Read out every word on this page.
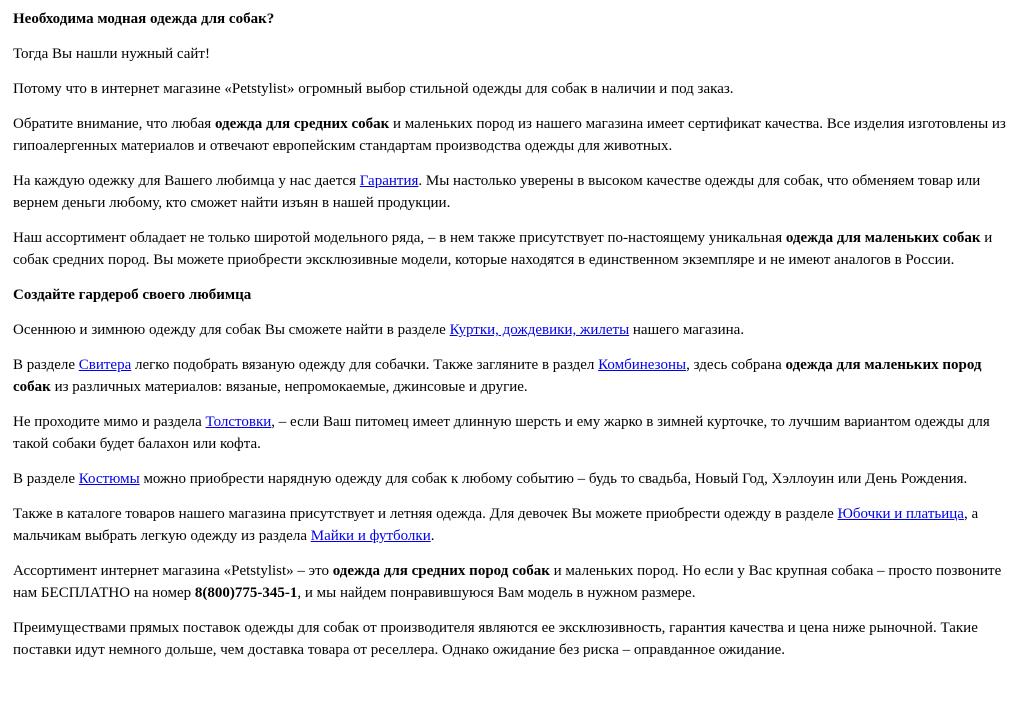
Необходима модная одежда для собак?

Тогда Вы нашли нужный сайт!

Потому что в интернет магазине «Petstylist» огромный выбор стильной одежды для собак в наличии и под заказ.

Обратите внимание, что любая одежда для средних собак и маленьких пород из нашего магазина имеет сертификат качества. Все изделия изготовлены из гипоалергенных материалов и отвечают европейским стандартам производства одежды для животных.

На каждую одежку для Вашего любимца у нас дается Гарантия. Мы настолько уверены в высоком качестве одежды для собак, что обменяем товар или вернем деньги любому, кто сможет найти изъян в нашей продукции.

Наш ассортимент обладает не только широтой модельного ряда, – в нем также присутствует по-настоящему уникальная одежда для маленьких собак и собак средних пород. Вы можете приобрести эксклюзивные модели, которые находятся в единственном экземпляре и не имеют аналогов в России.

Создайте гардероб своего любимца

Осеннюю и зимнюю одежду для собак Вы сможете найти в разделе Куртки, дождевики, жилеты нашего магазина.

В разделе Свитера легко подобрать вязаную одежду для собачки. Также загляните в раздел Комбинезоны, здесь собрана одежда для маленьких пород собак из различных материалов: вязаные, непромокаемые, джинсовые и другие.

Не проходите мимо и раздела Толстовки, – если Ваш питомец имеет длинную шерсть и ему жарко в зимней курточке, то лучшим вариантом одежды для такой собаки будет балахон или кофта.

В разделе Костюмы можно приобрести нарядную одежду для собак к любому событию – будь то свадьба, Новый Год, Хэллоуин или День Рождения.

Также в каталоге товаров нашего магазина присутствует и летняя одежда. Для девочек Вы можете приобрести одежду в разделе Юбочки и платьица, а мальчикам выбрать легкую одежду из раздела Майки и футболки.

Ассортимент интернет магазина «Petstylist» – это одежда для средних пород собак и маленьких пород. Но если у Вас крупная собака – просто позвоните нам БЕСПЛАТНО на номер 8(800)775-345-1, и мы найдем понравившуюся Вам модель в нужном размере.

Преимуществами прямых поставок одежды для собак от производителя являются ее эксклюзивность, гарантия качества и цена ниже рыночной. Такие поставки идут немного дольше, чем доставка товара от реселлера. Однако ожидание без риска – оправданное ожидание.
